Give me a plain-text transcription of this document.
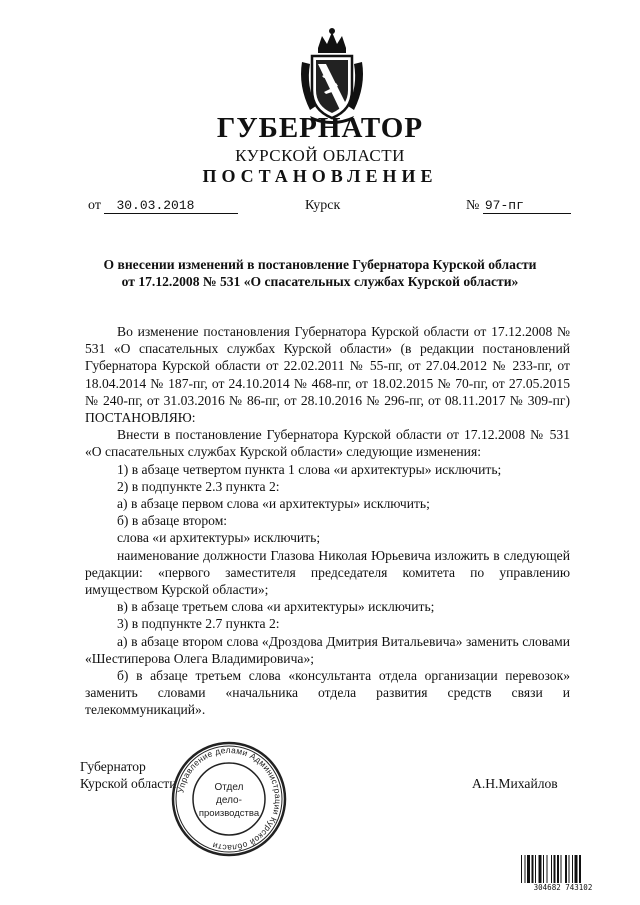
ГУБЕРНАТОР
КУРСКОЙ ОБЛАСТИ
ПОСТАНОВЛЕНИЕ
от 30.03.2018	Курск	№ 97-пг
О внесении изменений в постановление Губернатора Курской области
от 17.12.2008 № 531 «О спасательных службах Курской области»

Во изменение постановления Губернатора Курской области от 17.12.2008 № 531 «О спасательных службах Курской области» (в редакции постановлений Губернатора Курской области от 22.02.2011 № 55-пг, от 27.04.2012 № 233-пг, от 18.04.2014 № 187-пг, от 24.10.2014 № 468-пг, от 18.02.2015 № 70-пг, от 27.05.2015 № 240-пг, от 31.03.2016 № 86-пг, от 28.10.2016 № 296-пг, от 08.11.2017 № 309-пг) ПОСТАНОВЛЯЮ:

Внести в постановление Губернатора Курской области от 17.12.2008 № 531 «О спасательных службах Курской области» следующие изменения:

1) в абзаце четвертом пункта 1 слова «и архитектуры» исключить;

2) в подпункте 2.3 пункта 2:

а) в абзаце первом слова «и архитектуры» исключить;

б) в абзаце втором:

слова «и архитектуры» исключить;

наименование должности Глазова Николая Юрьевича изложить в следующей редакции: «первого заместителя председателя комитета по управлению имуществом Курской области»;

в) в абзаце третьем слова «и архитектуры» исключить;

3) в подпункте 2.7 пункта 2:

а) в абзаце втором слова «Дроздова Дмитрия Витальевича» заменить словами «Шестиперова Олега Владимировича»;

б) в абзаце третьем слова «консультанта отдела организации перевозок» заменить словами «начальника отдела развития средств связи и телекоммуникаций».

Губернатор
Курской области	А.Н.Михайлов
Управление делами Администрации Курской области
Отдел
дело-
производства
304682 743102
